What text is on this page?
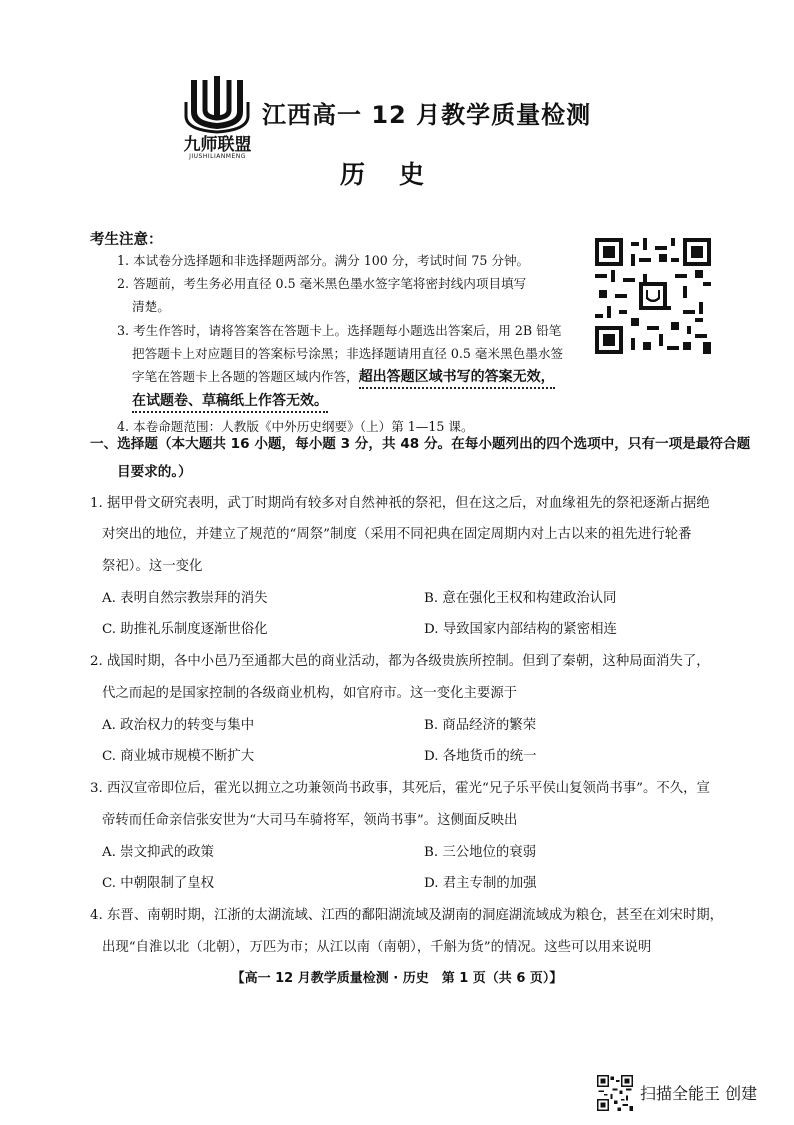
九师联盟
JIUSHILIANMENG
江西高一 12 月教学质量检测
历史
考生注意：
1. 本试卷分选择题和非选择题两部分。满分 100 分，考试时间 75 分钟。
2. 答题前，考生务必用直径 0.5 毫米黑色墨水签字笔将密封线内项目填写
清楚。
3. 考生作答时，请将答案答在答题卡上。选择题每小题选出答案后，用 2B 铅笔
把答题卡上对应题目的答案标号涂黑；非选择题请用直径 0.5 毫米黑色墨水签
字笔在答题卡上各题的答题区域内作答，超出答题区域书写的答案无效，
在试题卷、草稿纸上作答无效。
4. 本卷命题范围：人教版《中外历史纲要》（上）第 1—15 课。
一、选择题（本大题共 16 小题，每小题 3 分，共 48 分。在每小题列出的四个选项中，只有一项是最符合题
目要求的。）
1. 据甲骨文研究表明，武丁时期尚有较多对自然神祇的祭祀，但在这之后，对血缘祖先的祭祀逐渐占据绝
对突出的地位，并建立了规范的“周祭”制度（采用不同祀典在固定周期内对上古以来的祖先进行轮番
祭祀）。这一变化
A. 表明自然宗教崇拜的消失	B. 意在强化王权和构建政治认同
C. 助推礼乐制度逐渐世俗化	D. 导致国家内部结构的紧密相连
2. 战国时期，各中小邑乃至通都大邑的商业活动，都为各级贵族所控制。但到了秦朝，这种局面消失了，
代之而起的是国家控制的各级商业机构，如官府市。这一变化主要源于
A. 政治权力的转变与集中	B. 商品经济的繁荣
C. 商业城市规模不断扩大	D. 各地货币的统一
3. 西汉宣帝即位后，霍光以拥立之功兼领尚书政事，其死后，霍光“兄子乐平侯山复领尚书事”。不久，宣
帝转而任命亲信张安世为“大司马车骑将军，领尚书事”。这侧面反映出
A. 崇文抑武的政策	B. 三公地位的衰弱
C. 中朝限制了皇权	D. 君主专制的加强
4. 东晋、南朝时期，江浙的太湖流域、江西的鄱阳湖流域及湖南的洞庭湖流域成为粮仓，甚至在刘宋时期，
出现“自淮以北（北朝），万匹为市；从江以南（南朝），千斛为货”的情况。这些可以用来说明
【高一 12 月教学质量检测 · 历史　第 1 页（共 6 页）】
扫描全能王 创建
